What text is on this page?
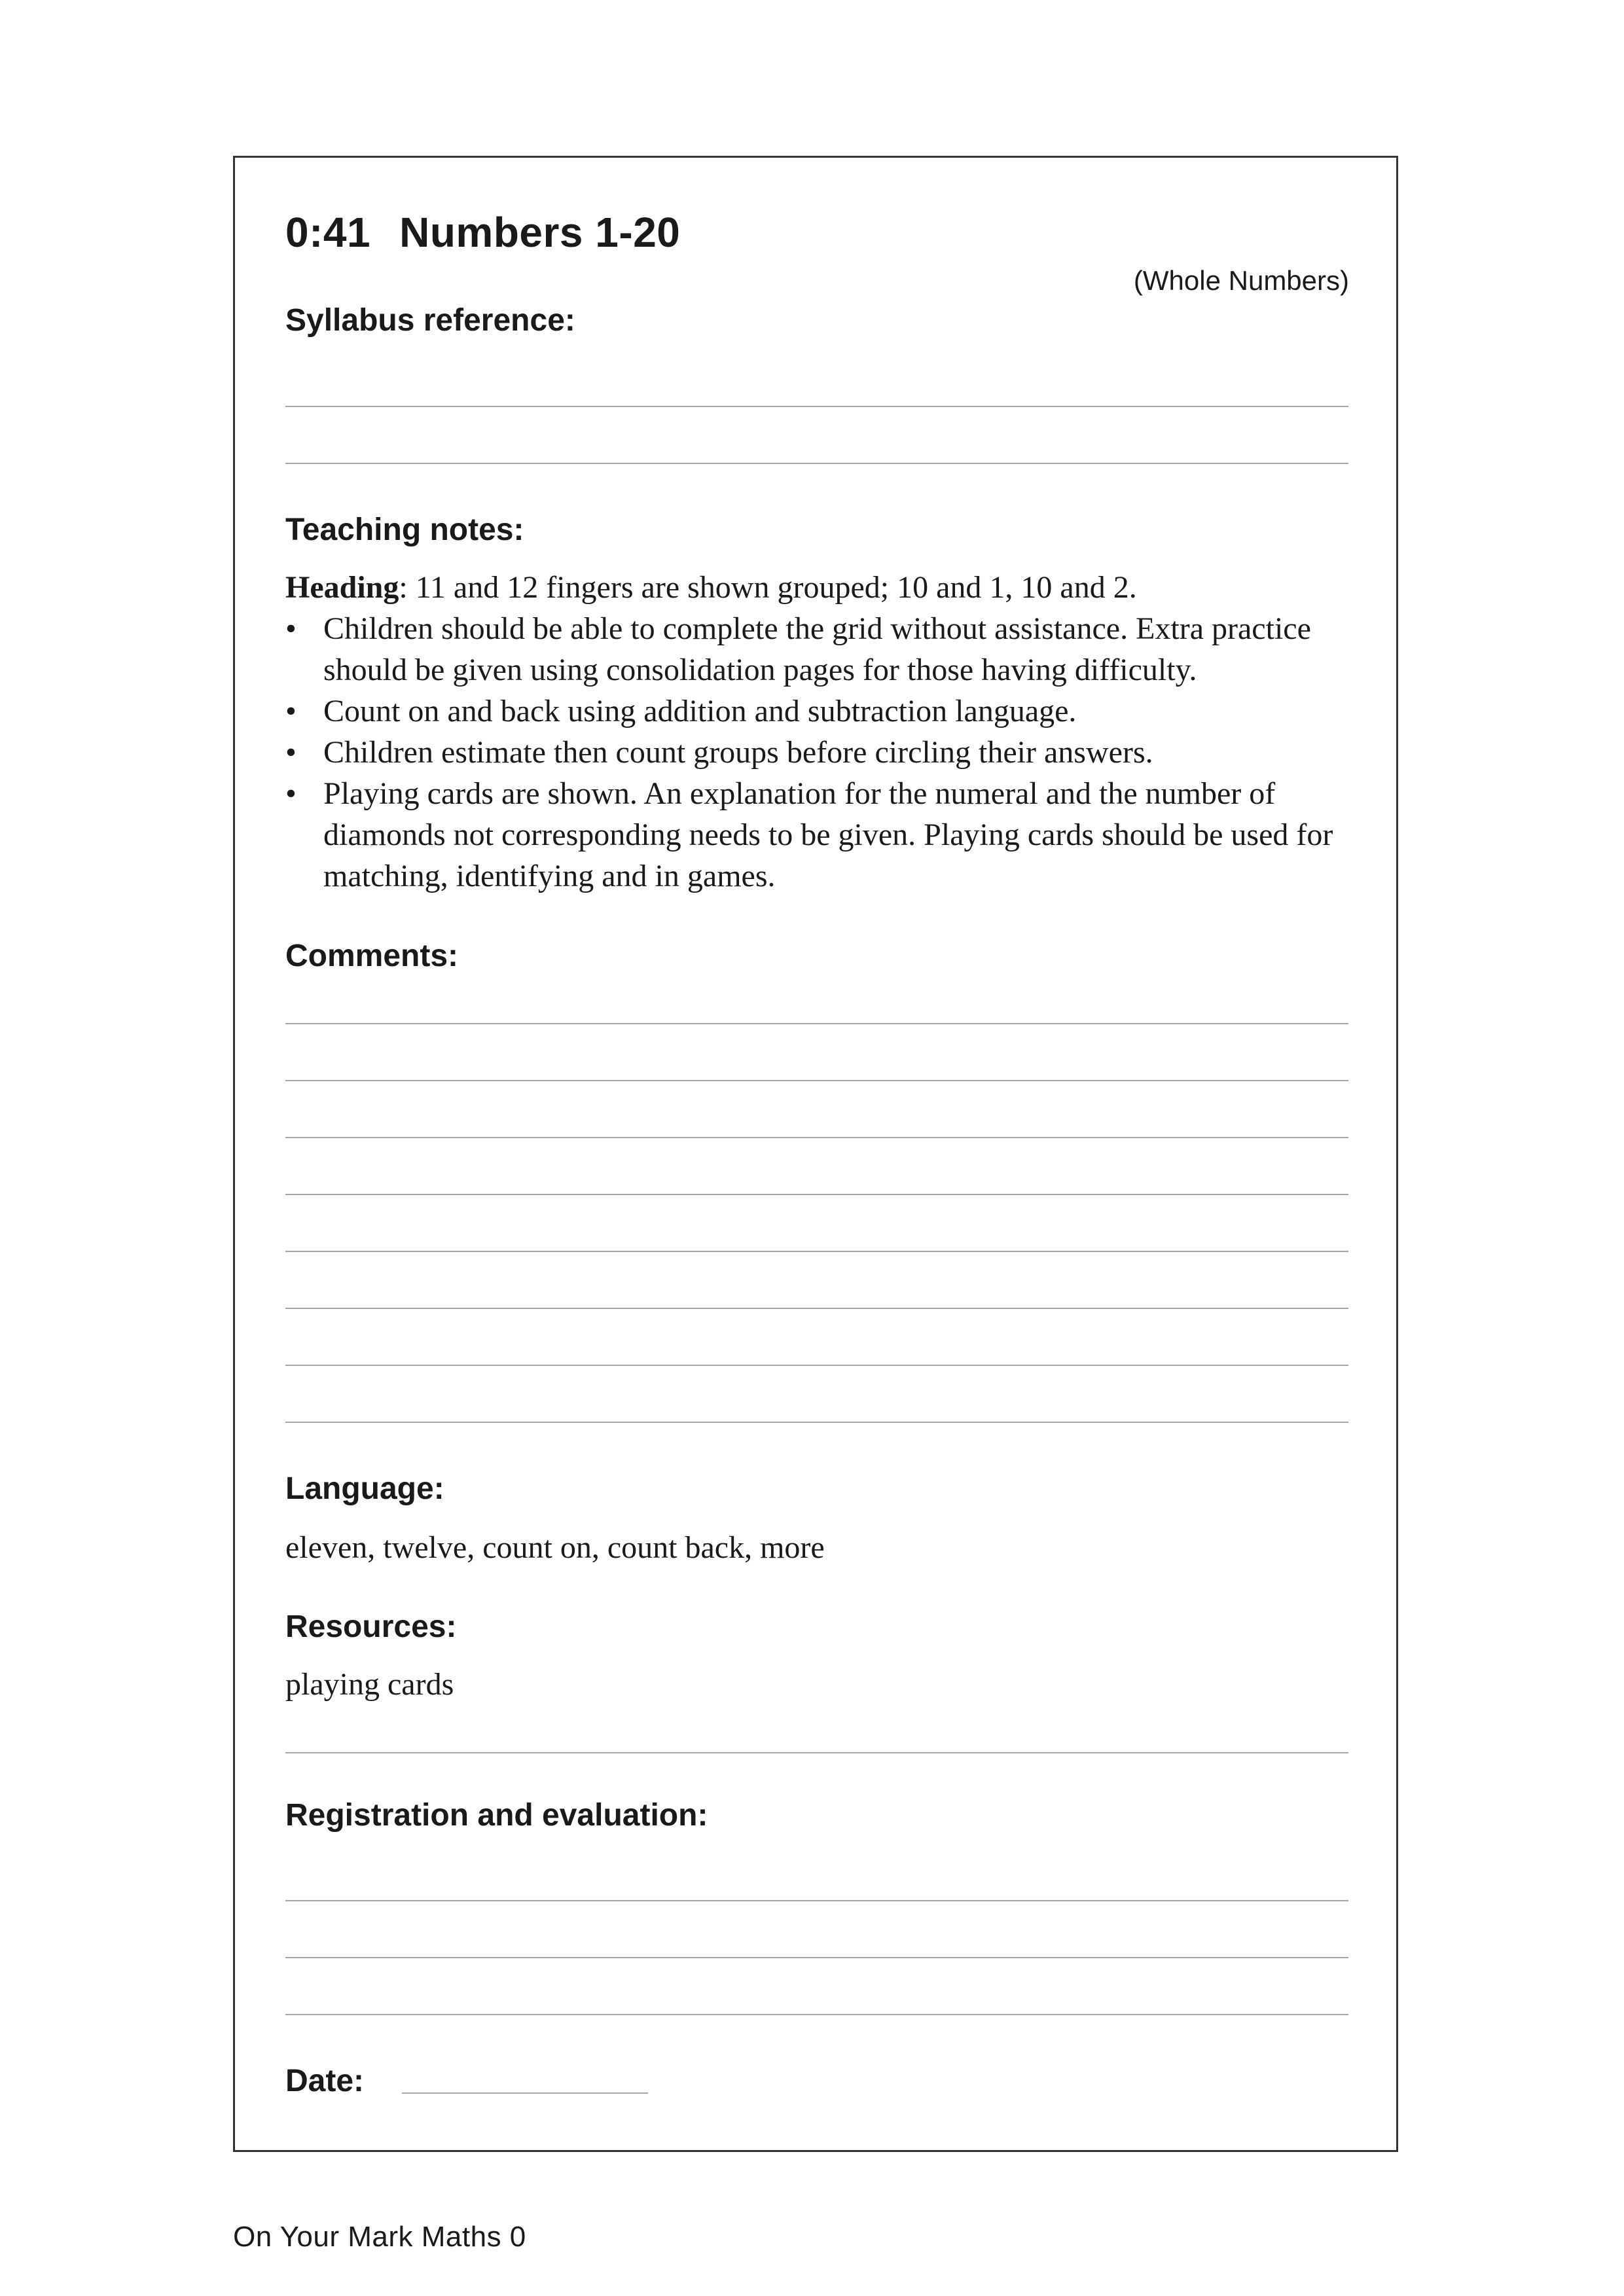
0:41 Numbers 1-20
(Whole Numbers)
Syllabus reference:
Teaching notes:

Heading: 11 and 12 fingers are shown grouped; 10 and 1, 10 and 2.

• Children should be able to complete the grid without assistance. Extra practice should be given using consolidation pages for those having difficulty.
• Count on and back using addition and subtraction language.
• Children estimate then count groups before circling their answers.
• Playing cards are shown. An explanation for the numeral and the number of diamonds not corresponding needs to be given. Playing cards should be used for matching, identifying and in games.
Comments:
Language:
eleven, twelve, count on, count back, more
Resources:
playing cards
Registration and evaluation:
Date:
On Your Mark Maths 0
